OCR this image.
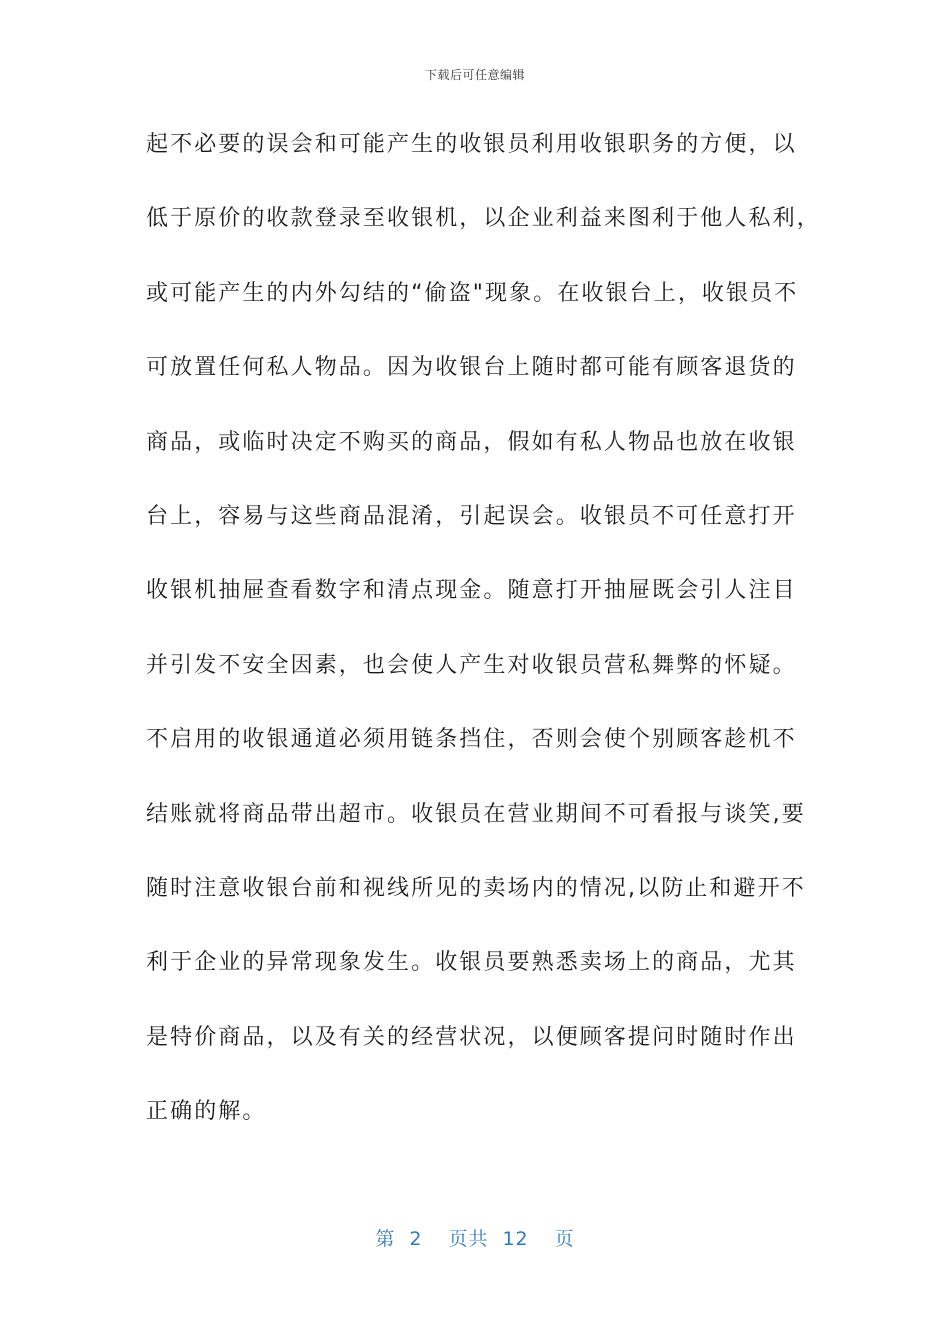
下载后可任意编辑
起不必要的误会和可能产生的收银员利用收银职务的方便，以
低于原价的收款登录至收银机，以企业利益来图利于他人私利，
或可能产生的内外勾结的“偷盗"现象。在收银台上，收银员不
可放置任何私人物品。因为收银台上随时都可能有顾客退货的
商品，或临时决定不购买的商品，假如有私人物品也放在收银
台上，容易与这些商品混淆，引起误会。收银员不可任意打开
收银机抽屉查看数字和清点现金。随意打开抽屉既会引人注目
并引发不安全因素，也会使人产生对收银员营私舞弊的怀疑。
不启用的收银通道必须用链条挡住，否则会使个别顾客趁机不
结账就将商品带出超市。收银员在营业期间不可看报与谈笑,要
随时注意收银台前和视线所见的卖场内的情况,以防止和避开不
利于企业的异常现象发生。收银员要熟悉卖场上的商品，尤其
是特价商品，以及有关的经营状况，以便顾客提问时随时作出
正确的解。
第 2 页共 12 页
